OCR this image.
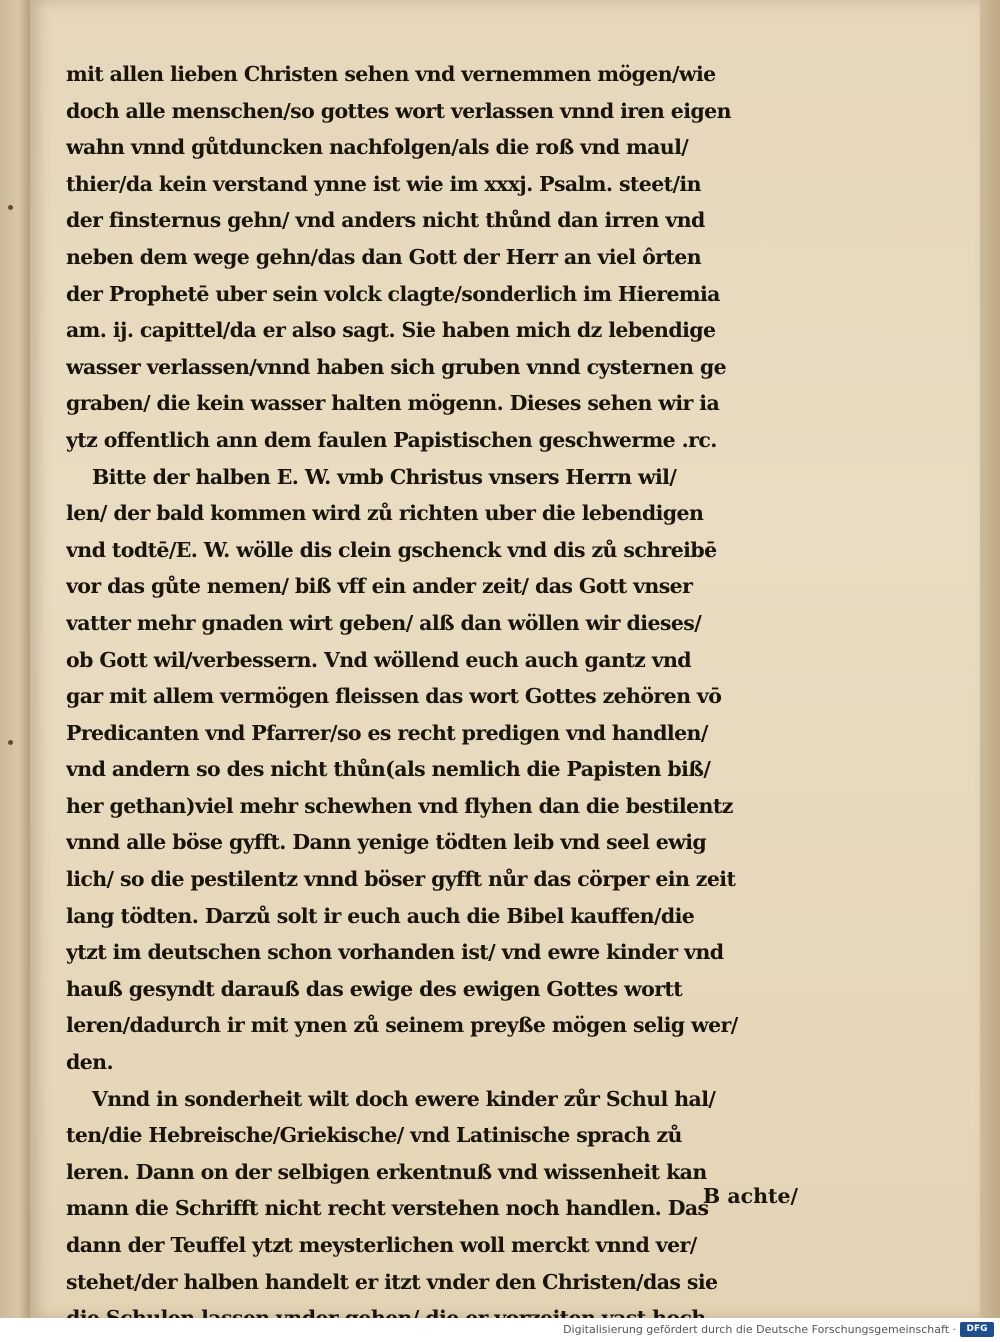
mit allen lieben Christen sehen vnd vernemmen mögen/wie
doch alle menschen/so gottes wort verlassen vnnd iren eigen
wahn vnnd gůtduncken nachfolgen/als die roß vnd maul/
thier/da kein verstand ynne ist wie im xxxj. Psalm. steet/in
der finsternus gehn/ vnd anders nicht thůnd dan irren vnd
neben dem wege gehn/das dan Gott der Herr an viel ôrten
der Prophetē uber sein volck clagte/sonderlich im Hieremia
am. ij. capittel/da er also sagt. Sie haben mich dz lebendige
wasser verlassen/vnnd haben sich gruben vnnd cysternen ge
graben/ die kein wasser halten mögenn. Dieses sehen wir ia
ytz offentlich ann dem faulen Papistischen geschwerme .rc.
Bitte der halben E. W. vmb Christus vnsers Herrn wil/
len/ der bald kommen wird zů richten uber die lebendigen
vnd todtē/E. W. wölle dis clein gschenck vnd dis zů schreibē
vor das gůte nemen/ biß vff ein ander zeit/ das Gott vnser
vatter mehr gnaden wirt geben/ alß dan wöllen wir dieses/
ob Gott wil/verbessern. Vnd wöllend euch auch gantz vnd
gar mit allem vermögen fleissen das wort Gottes zehören vō
Predicanten vnd Pfarrer/so es recht predigen vnd handlen/
vnd andern so des nicht thůn(als nemlich die Papisten biß/
her gethan)viel mehr schewhen vnd flyhen dan die bestilentz
vnnd alle böse gyfft. Dann yenige tödten leib vnd seel ewig
lich/ so die pestilentz vnnd böser gyfft nůr das cörper ein zeit
lang tödten. Darzů solt ir euch auch die Bibel kauffen/die
ytzt im deutschen schon vorhanden ist/ vnd ewre kinder vnd
hauß gesyndt darauß das ewige des ewigen Gottes wortt
leren/dadurch ir mit ynen zů seinem preyße mögen selig wer/
den.
Vnnd in sonderheit wilt doch ewere kinder zůr Schul hal/
ten/die Hebreische/Griekische/ vnd Latinische sprach zů
leren. Dann on der selbigen erkentnuß vnd wissenheit kan
mann die Schrifft nicht recht verstehen noch handlen. Das
dann der Teuffel ytzt meysterlichen woll merckt vnnd ver/
stehet/der halben handelt er itzt vnder den Christen/das sie
B achte/
Digitalisierung gefördert durch die Deutsche Forschungsgemeinschaft ·	DFG
